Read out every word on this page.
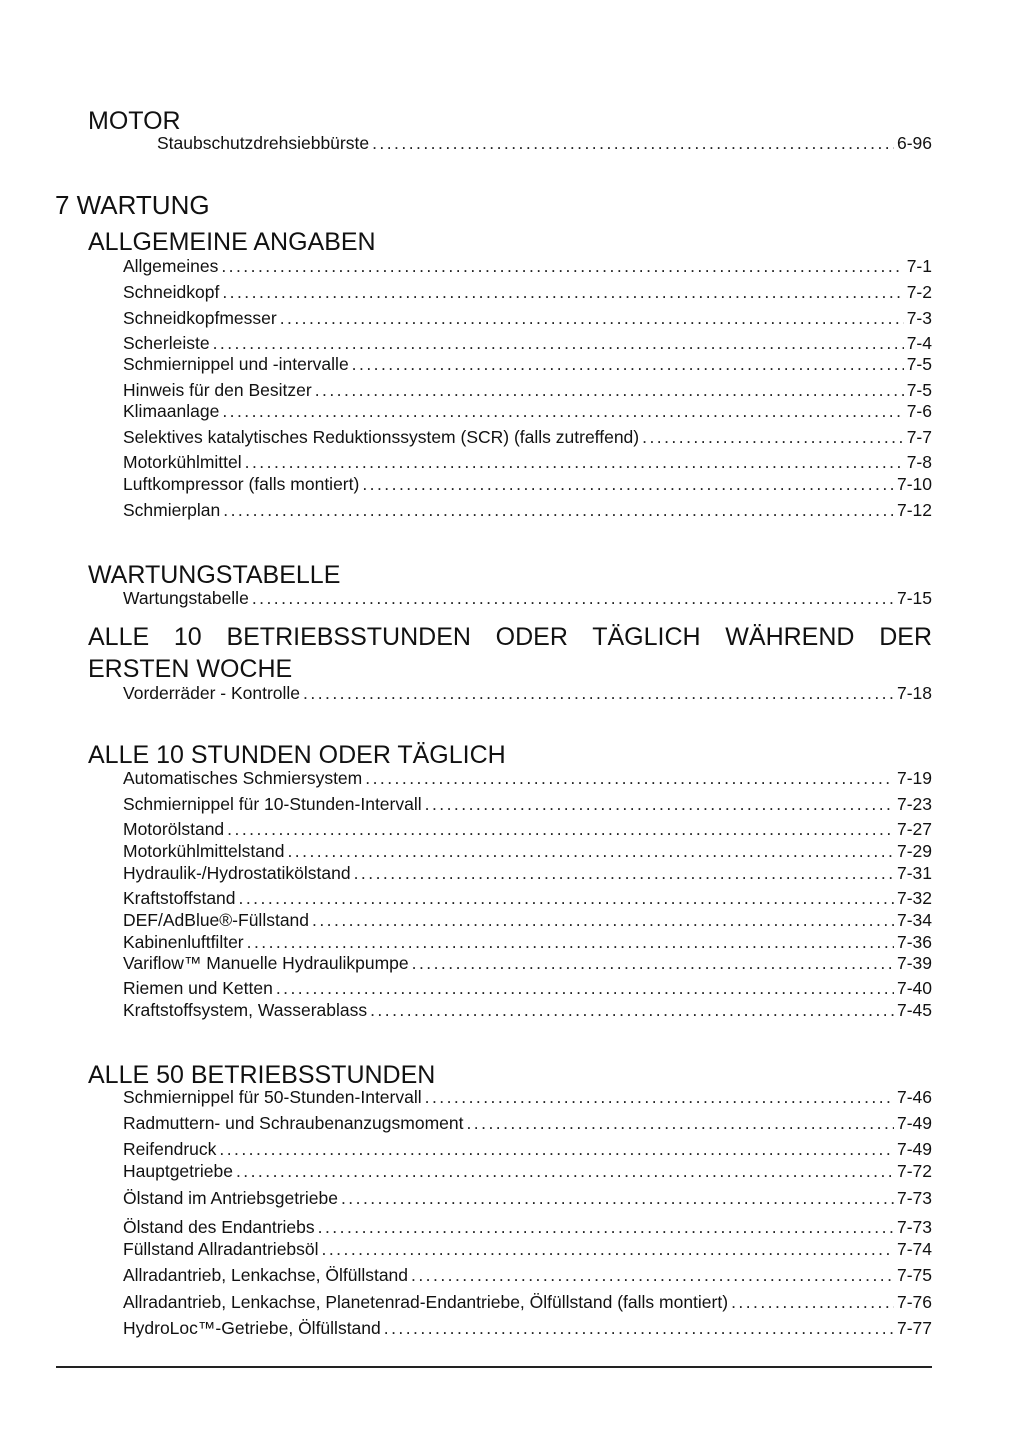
MOTOR
Staubschutzdrehsiebbürste . . .	6-96
7 WARTUNG
ALLGEMEINE ANGABEN
Allgemeines . . .	7-1
Schneidkopf . . .	7-2
Schneidkopfmesser . . .	7-3
Scherleiste . . .	7-4
Schmiernippel und -intervalle . . .	7-5
Hinweis für den Besitzer . . .	7-5
Klimaanlage . . .	7-6
Selektives katalytisches Reduktionssystem (SCR) (falls zutreffend) . . .	7-7
Motorkühlmittel . . .	7-8
Luftkompressor (falls montiert) . . .	7-10
Schmierplan . . .	7-12
WARTUNGSTABELLE
Wartungstabelle . . .	7-15
ALLE 10 BETRIEBSSTUNDEN ODER TÄGLICH WÄHREND DER ERSTEN WOCHE
Vorderräder - Kontrolle . . .	7-18
ALLE 10 STUNDEN ODER TÄGLICH
Automatisches Schmiersystem . . .	7-19
Schmiernippel für 10-Stunden-Intervall . . .	7-23
Motorölstand . . .	7-27
Motorkühlmittelstand . . .	7-29
Hydraulik-/Hydrostatikölstand . . .	7-31
Kraftstoffstand . . .	7-32
DEF/AdBlue®-Füllstand . . .	7-34
Kabinenluftfilter . . .	7-36
Variflow™ Manuelle Hydraulikpumpe . . .	7-39
Riemen und Ketten . . .	7-40
Kraftstoffsystem, Wasserablass . . .	7-45
ALLE 50 BETRIEBSSTUNDEN
Schmiernippel für 50-Stunden-Intervall . . .	7-46
Radmuttern- und Schraubenanzugsmoment . . .	7-49
Reifendruck . . .	7-49
Hauptgetriebe . . .	7-72
Ölstand im Antriebsgetriebe . . .	7-73
Ölstand des Endantriebs . . .	7-73
Füllstand Allradantriebsöl . . .	7-74
Allradantrieb, Lenkachse, Ölfüllstand . . .	7-75
Allradantrieb, Lenkachse, Planetenrad-Endantriebe, Ölfüllstand (falls montiert) . . .	7-76
HydroLoc™-Getriebe, Ölfüllstand . . .	7-77
